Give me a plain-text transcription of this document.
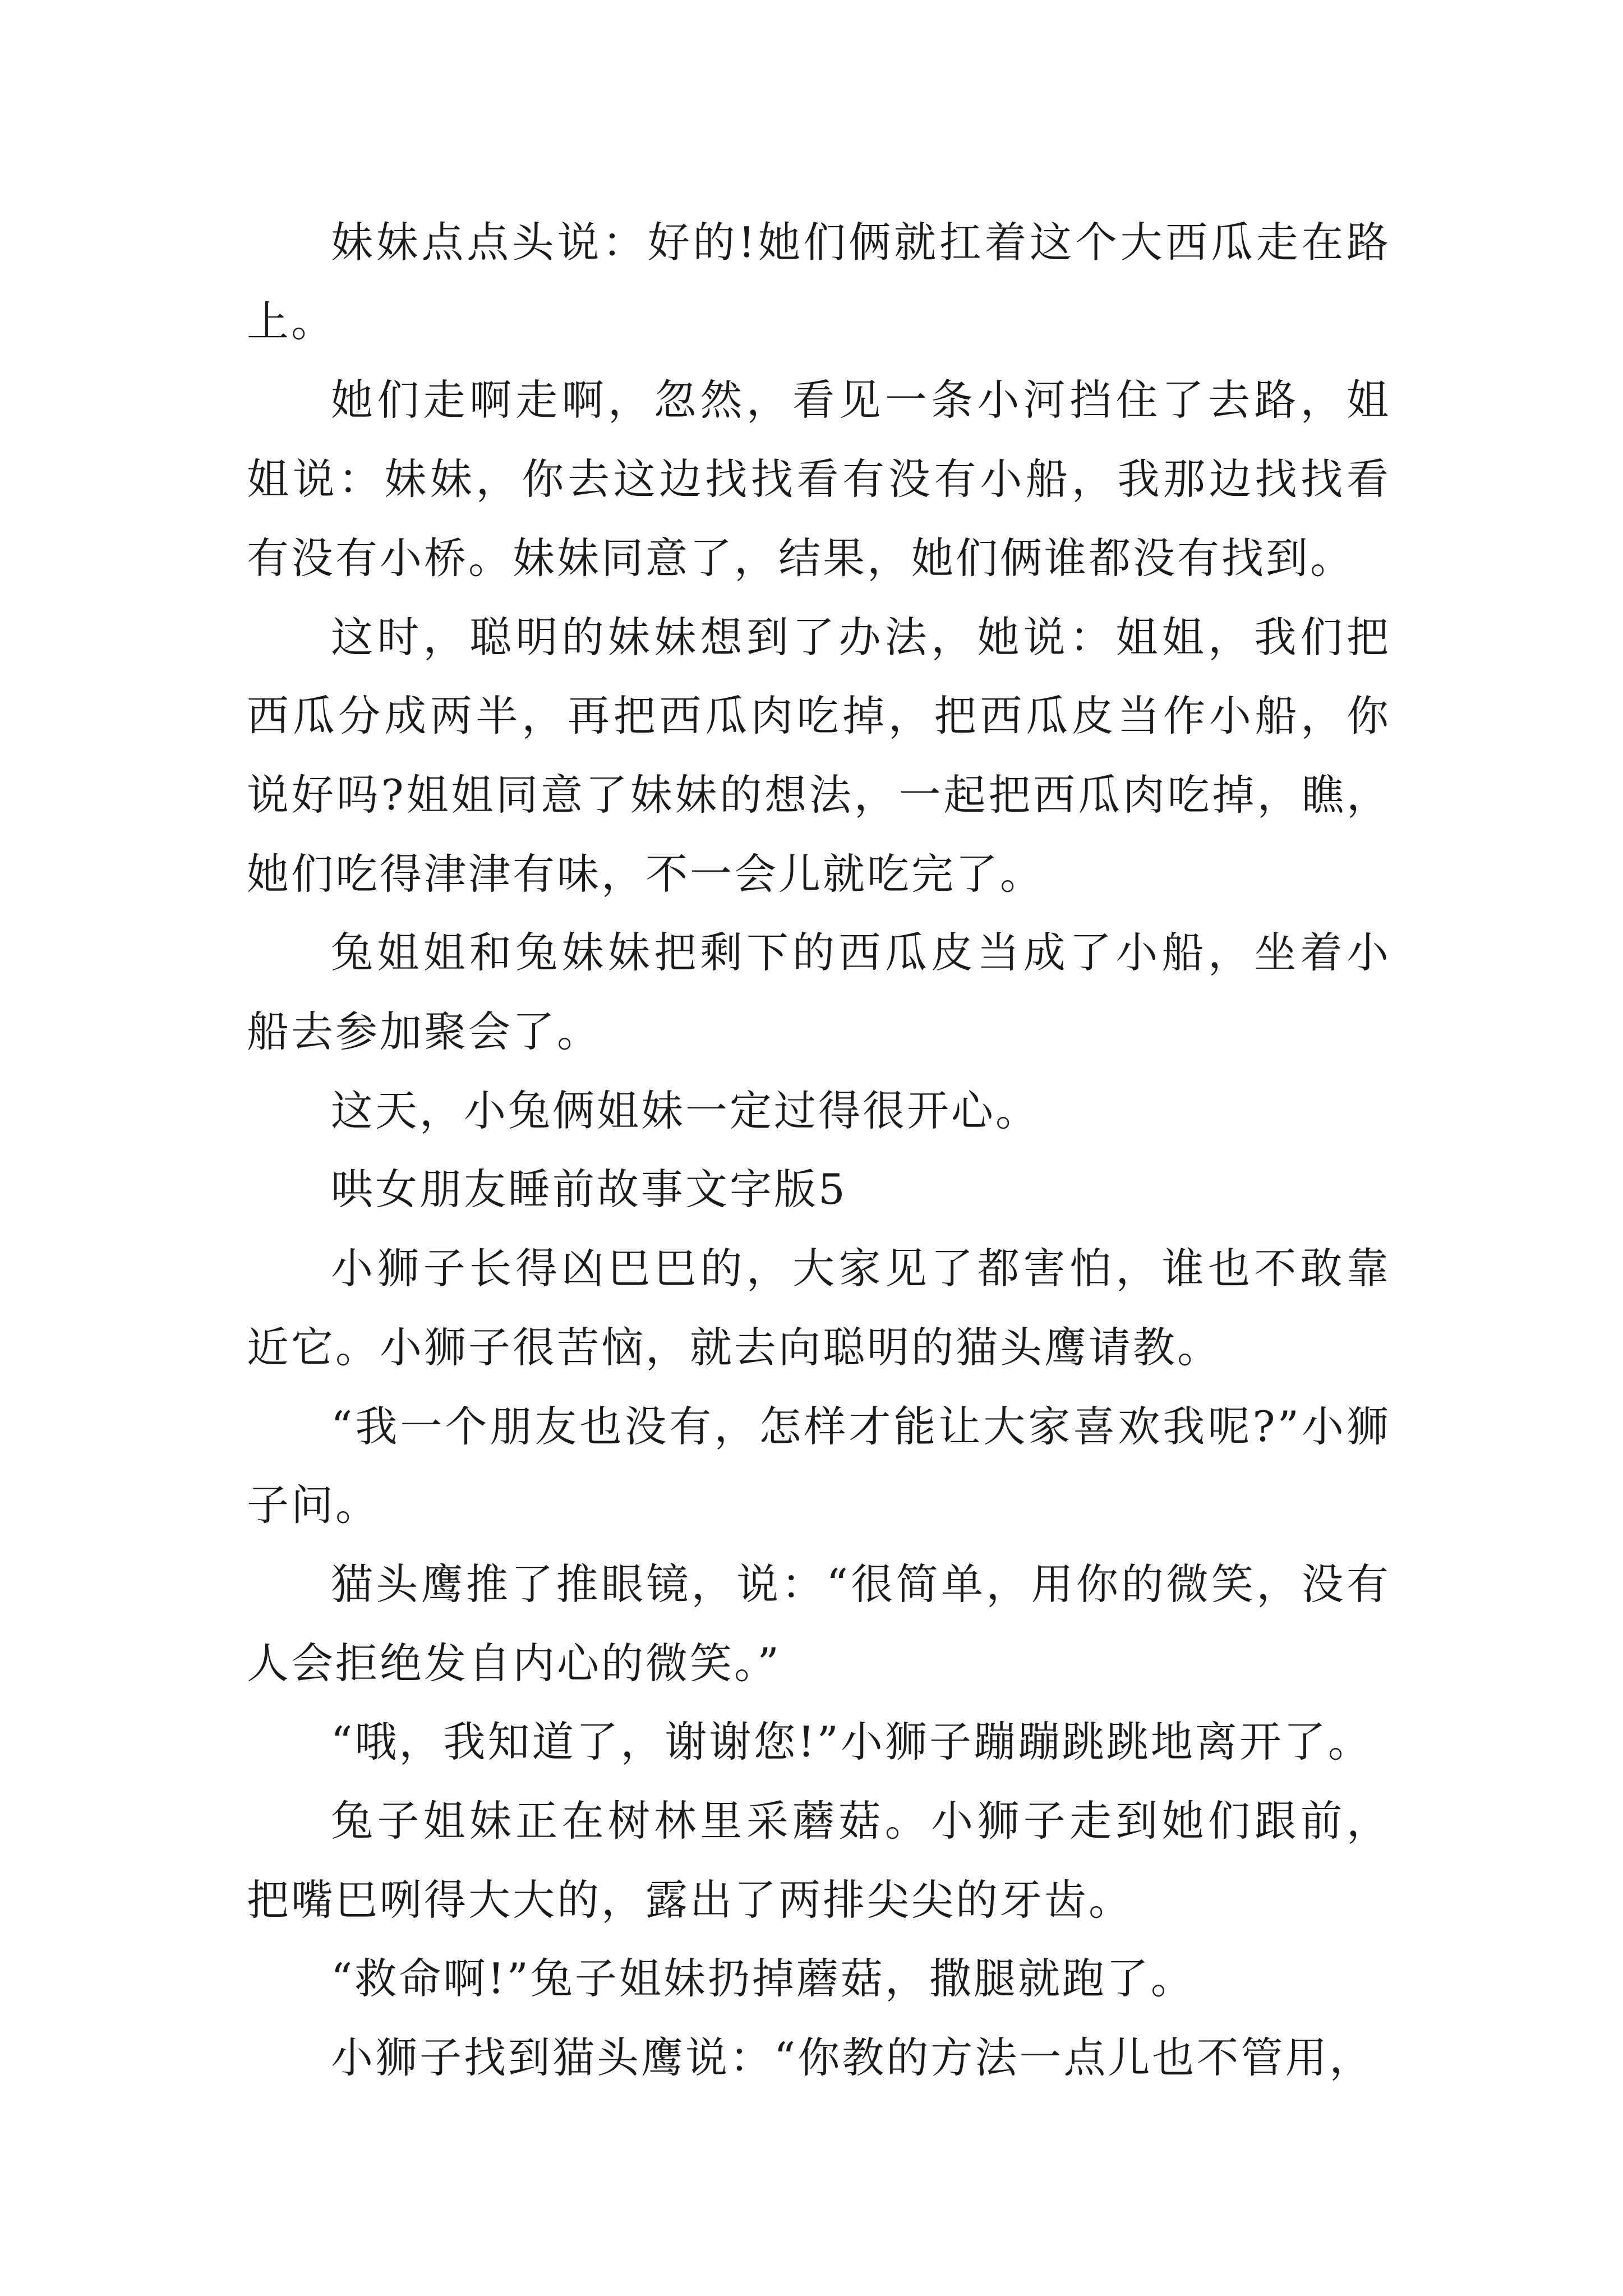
妹妹点点头说：好的!她们俩就扛着这个大西瓜走在路上。

她们走啊走啊，忽然，看见一条小河挡住了去路，姐姐说：妹妹，你去这边找找看有没有小船，我那边找找看有没有小桥。妹妹同意了，结果，她们俩谁都没有找到。

这时，聪明的妹妹想到了办法，她说：姐姐，我们把西瓜分成两半，再把西瓜肉吃掉，把西瓜皮当作小船，你说好吗?姐姐同意了妹妹的想法，一起把西瓜肉吃掉，瞧，她们吃得津津有味，不一会儿就吃完了。

兔姐姐和兔妹妹把剩下的西瓜皮当成了小船，坐着小船去参加聚会了。

这天，小兔俩姐妹一定过得很开心。

哄女朋友睡前故事文字版5

小狮子长得凶巴巴的，大家见了都害怕，谁也不敢靠近它。小狮子很苦恼，就去向聪明的猫头鹰请教。

“我一个朋友也没有，怎样才能让大家喜欢我呢?”小狮子问。

猫头鹰推了推眼镜，说：“很简单，用你的微笑，没有人会拒绝发自内心的微笑。”

“哦，我知道了，谢谢您!”小狮子蹦蹦跳跳地离开了。

兔子姐妹正在树林里采蘑菇。小狮子走到她们跟前，把嘴巴咧得大大的，露出了两排尖尖的牙齿。

“救命啊!”兔子姐妹扔掉蘑菇，撒腿就跑了。

小狮子找到猫头鹰说：“你教的方法一点儿也不管用，
